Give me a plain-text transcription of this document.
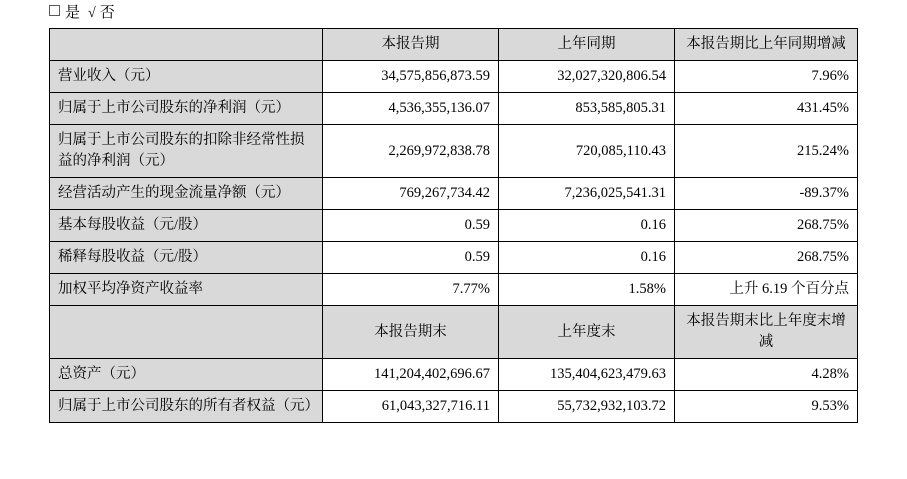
是 √ 否
	本报告期	上年同期	本报告期比上年同期增减
营业收入（元）	34,575,856,873.59	32,027,320,806.54	7.96%
归属于上市公司股东的净利润（元）	4,536,355,136.07	853,585,805.31	431.45%
归属于上市公司股东的扣除非经常性损益的净利润（元）	2,269,972,838.78	720,085,110.43	215.24%
经营活动产生的现金流量净额（元）	769,267,734.42	7,236,025,541.31	-89.37%
基本每股收益（元/股）	0.59	0.16	268.75%
稀释每股收益（元/股）	0.59	0.16	268.75%
加权平均净资产收益率	7.77%	1.58%	上升 6.19 个百分点
	本报告期末	上年度末	本报告期末比上年度末增减
总资产（元）	141,204,402,696.67	135,404,623,479.63	4.28%
归属于上市公司股东的所有者权益（元）	61,043,327,716.11	55,732,932,103.72	9.53%
